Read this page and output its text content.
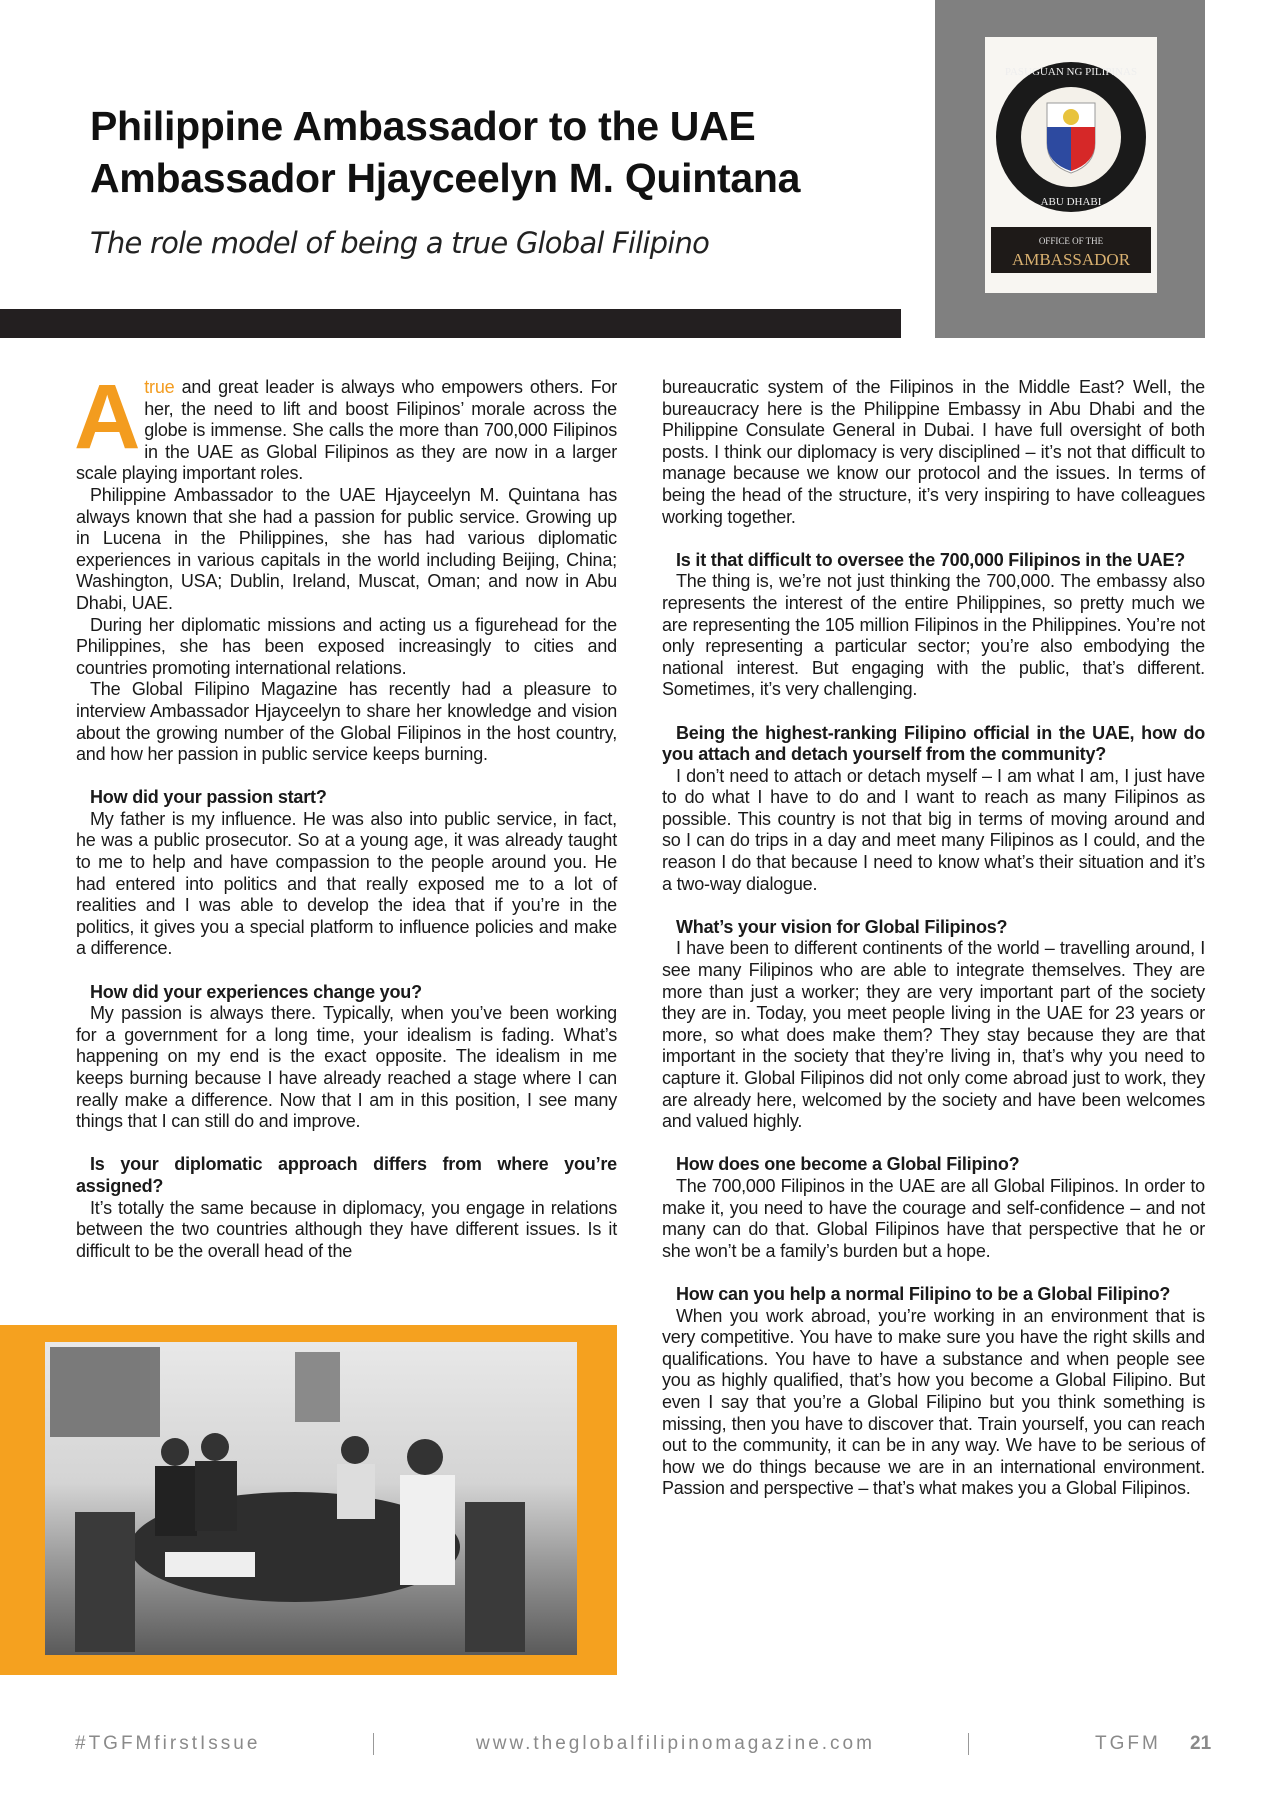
Philippine Ambassador to the UAE
Ambassador Hjayceelyn M. Quintana
The role model of being a true Global Filipino
PASUGUAN NG PILIPINAS
ABU DHABI
OFFICE OF THE
AMBASSADOR

Atrue and great leader is always who empowers others. For her, the need to lift and boost Filipinos’ morale across the globe is immense. She calls the more than 700,000 Filipinos in the UAE as Global Filipinos as they are now in a larger scale playing important roles.

Philippine Ambassador to the UAE Hjayceelyn M. Quintana has always known that she had a passion for public service. Growing up in Lucena in the Philippines, she has had various diplomatic experiences in various capitals in the world including Beijing, China; Washington, USA; Dublin, Ireland, Muscat, Oman; and now in Abu Dhabi, UAE.

During her diplomatic missions and acting us a figurehead for the Philippines, she has been exposed increasingly to cities and countries promoting international relations.

The Global Filipino Magazine has recently had a pleasure to interview Ambassador Hjayceelyn to share her knowledge and vision about the growing number of the Global Filipinos in the host country, and how her passion in public service keeps burning.

How did your passion start?

My father is my influence. He was also into public service, in fact, he was a public prosecutor. So at a young age, it was already taught to me to help and have compassion to the people around you. He had entered into politics and that really exposed me to a lot of realities and I was able to develop the idea that if you’re in the politics, it gives you a special platform to influence policies and make a difference.

How did your experiences change you?

My passion is always there. Typically, when you’ve been working for a government for a long time, your idealism is fading. What’s happening on my end is the exact opposite. The idealism in me keeps burning because I have already reached a stage where I can really make a difference. Now that I am in this position, I see many things that I can still do and improve.

Is your diplomatic approach differs from where you’re assigned?

It’s totally the same because in diplomacy, you engage in relations between the two countries although they have different issues. Is it difficult to be the overall head of the

bureaucratic system of the Filipinos in the Middle East? Well, the bureaucracy here is the Philippine Embassy in Abu Dhabi and the Philippine Consulate General in Dubai. I have full oversight of both posts. I think our diplomacy is very disciplined – it’s not that difficult to manage because we know our protocol and the issues. In terms of being the head of the structure, it’s very inspiring to have colleagues working together.

Is it that difficult to oversee the 700,000 Filipinos in the UAE?

The thing is, we’re not just thinking the 700,000. The embassy also represents the interest of the entire Philippines, so pretty much we are representing the 105 million Filipinos in the Philippines. You’re not only representing a particular sector; you’re also embodying the national interest. But engaging with the public, that’s different. Sometimes, it’s very challenging.

Being the highest-ranking Filipino official in the UAE, how do you attach and detach yourself from the community?

I don’t need to attach or detach myself – I am what I am, I just have to do what I have to do and I want to reach as many Filipinos as possible. This country is not that big in terms of moving around and so I can do trips in a day and meet many Filipinos as I could, and the reason I do that because I need to know what’s their situation and it’s a two-way dialogue.

What’s your vision for Global Filipinos?

I have been to different continents of the world – travelling around, I see many Filipinos who are able to integrate themselves. They are more than just a worker; they are very important part of the society they are in. Today, you meet people living in the UAE for 23 years or more, so what does make them? They stay because they are that important in the society that they’re living in, that’s why you need to capture it. Global Filipinos did not only come abroad just to work, they are already here, welcomed by the society and have been welcomes and valued highly.

How does one become a Global Filipino?

The 700,000 Filipinos in the UAE are all Global Filipinos. In order to make it, you need to have the courage and self-confidence – and not many can do that. Global Filipinos have that perspective that he or she won’t be a family’s burden but a hope.

How can you help a normal Filipino to be a Global Filipino?

When you work abroad, you’re working in an environment that is very competitive. You have to make sure you have the right skills and qualifications. You have to have a substance and when people see you as highly qualified, that’s how you become a Global Filipino. But even I say that you’re a Global Filipino but you think something is missing, then you have to discover that. Train yourself, you can reach out to the community, it can be in any way. We have to be serious of how we do things because we are in an international environment. Passion and perspective – that’s what makes you a Global Filipinos.

#TGFMfirstIssue	www.theglobalfilipinomagazine.com	TGFM 21
